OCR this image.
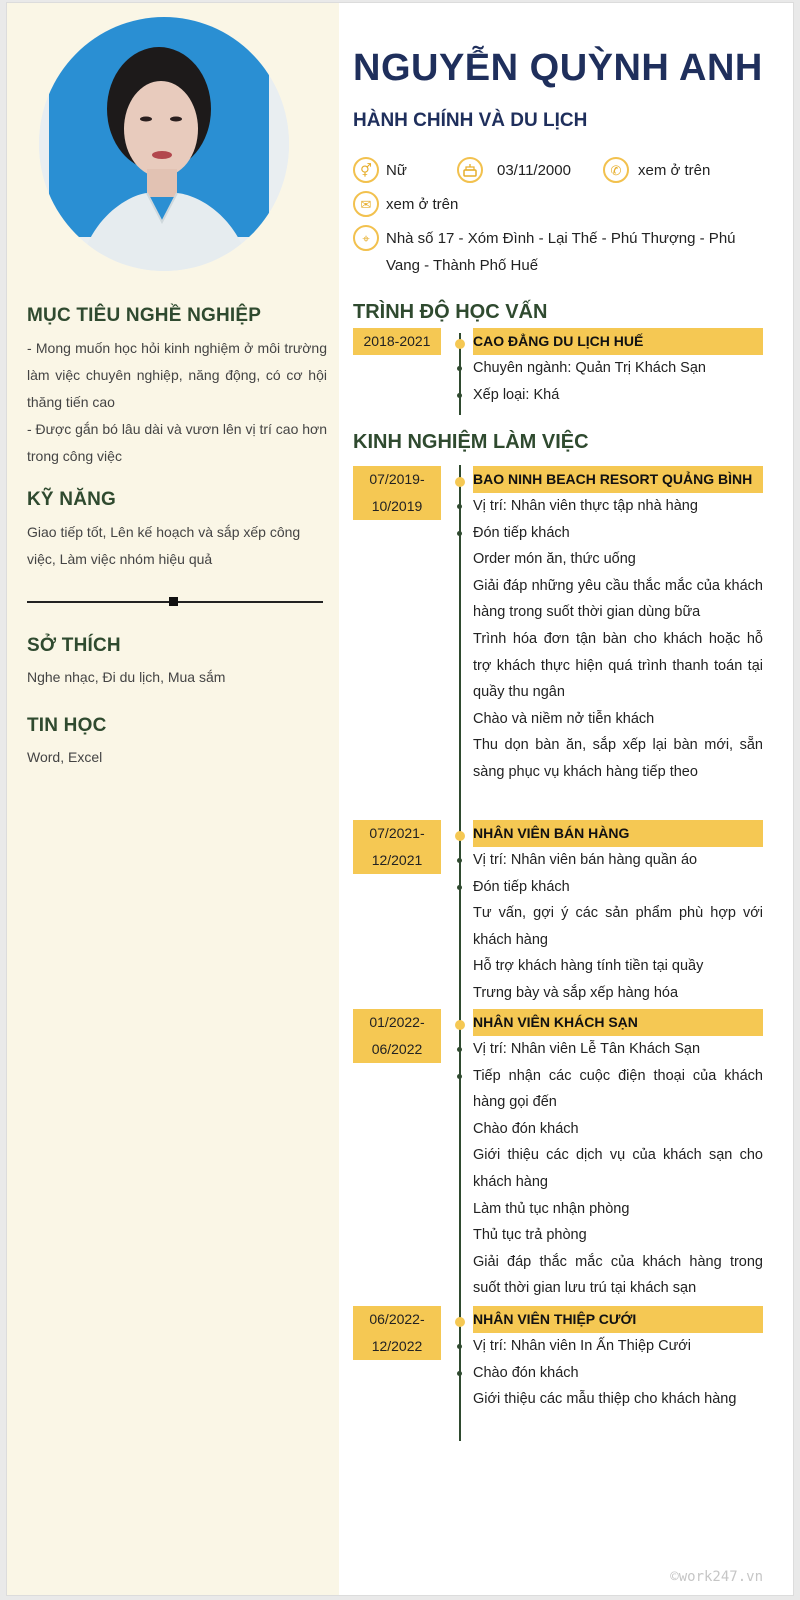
MỤC TIÊU NGHỀ NGHIỆP
- Mong muốn học hỏi kinh nghiệm ở môi trường làm việc chuyên nghiệp, năng động, có cơ hội thăng tiến cao
- Được gắn bó lâu dài và vươn lên vị trí cao hơn trong công việc
KỸ NĂNG
Giao tiếp tốt, Lên kế hoạch và sắp xếp công việc, Làm việc nhóm hiệu quả
SỞ THÍCH
Nghe nhạc, Đi du lịch, Mua sắm
TIN HỌC
Word, Excel
NGUYỄN QUỲNH ANH
HÀNH CHÍNH VÀ DU LỊCH
⚥ Nữ	03/11/2000	✆	xem ở trên
✉ xem ở trên
⌖	Nhà số 17 - Xóm Đình - Lại Thế - Phú Thượng - Phú Vang - Thành Phố Huế
TRÌNH ĐỘ HỌC VẤN
2018-2021	CAO ĐẲNG DU LỊCH HUẾ
Chuyên ngành: Quản Trị Khách Sạn
Xếp loại: Khá
KINH NGHIỆM LÀM VIỆC
07/2019-
10/2019
BAO NINH BEACH RESORT QUẢNG BÌNH
Vị trí: Nhân viên thực tập nhà hàng
Đón tiếp khách
Order món ăn, thức uống
Giải đáp những yêu cầu thắc mắc của khách hàng trong suốt thời gian dùng bữa
Trình hóa đơn tận bàn cho khách hoặc hỗ trợ khách thực hiện quá trình thanh toán tại quầy thu ngân
Chào và niềm nở tiễn khách
Thu dọn bàn ăn, sắp xếp lại bàn mới, sẵn sàng phục vụ khách hàng tiếp theo
07/2021-
12/2021
NHÂN VIÊN BÁN HÀNG
Vị trí: Nhân viên bán hàng quần áo
Đón tiếp khách
Tư vấn, gợi ý các sản phẩm phù hợp với khách hàng
Hỗ trợ khách hàng tính tiền tại quầy
Trưng bày và sắp xếp hàng hóa
01/2022-
06/2022
NHÂN VIÊN KHÁCH SẠN
Vị trí: Nhân viên Lễ Tân Khách Sạn
Tiếp nhận các cuộc điện thoại của khách hàng gọi đến
Chào đón khách
Giới thiệu các dịch vụ của khách sạn cho khách hàng
Làm thủ tục nhận phòng
Thủ tục trả phòng
Giải đáp thắc mắc của khách hàng trong suốt thời gian lưu trú tại khách sạn
06/2022-
12/2022
NHÂN VIÊN THIỆP CƯỚI
Vị trí: Nhân viên In Ấn Thiệp Cưới
Chào đón khách
Giới thiệu các mẫu thiệp cho khách hàng
©work247.vn
